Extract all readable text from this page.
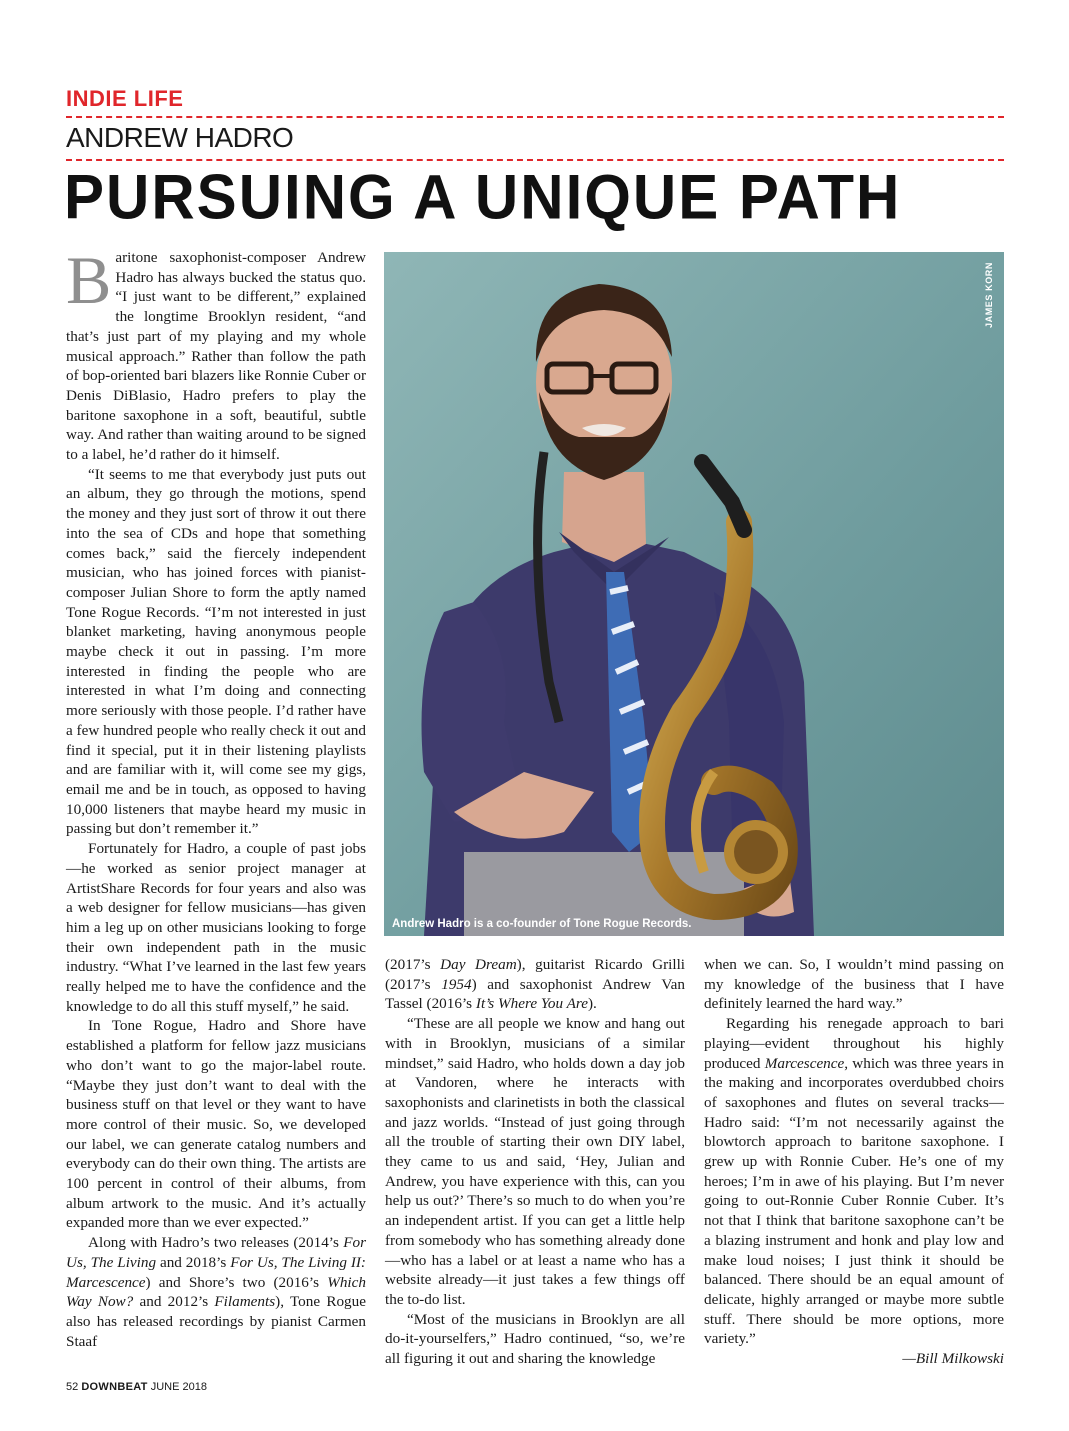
INDIE LIFE
ANDREW HADRO
PURSUING A UNIQUE PATH

Baritone saxophonist-composer Andrew Hadro has always bucked the status quo. “I just want to be different,” explained the longtime Brooklyn resident, “and that’s just part of my playing and my whole musical approach.” Rather than follow the path of bop-oriented bari blazers like Ronnie Cuber or Denis DiBlasio, Hadro prefers to play the baritone saxophone in a soft, beautiful, subtle way. And rather than waiting around to be signed to a label, he’d rather do it himself.

“It seems to me that everybody just puts out an album, they go through the motions, spend the money and they just sort of throw it out there into the sea of CDs and hope that something comes back,” said the fiercely independent musician, who has joined forces with pianist-composer Julian Shore to form the aptly named Tone Rogue Records. “I’m not interested in just blanket marketing, having anonymous people maybe check it out in passing. I’m more interested in finding the people who are interested in what I’m doing and connecting more seriously with those people. I’d rather have a few hundred people who really check it out and find it special, put it in their listening playlists and are familiar with it, will come see my gigs, email me and be in touch, as opposed to having 10,000 listeners that maybe heard my music in passing but don’t remember it.”

Fortunately for Hadro, a couple of past jobs—he worked as senior project manager at ArtistShare Records for four years and also was a web designer for fellow musicians—has given him a leg up on other musicians looking to forge their own independent path in the music industry. “What I’ve learned in the last few years really helped me to have the confidence and the knowledge to do all this stuff myself,” he said.

In Tone Rogue, Hadro and Shore have established a platform for fellow jazz musicians who don’t want to go the major-label route. “Maybe they just don’t want to deal with the business stuff on that level or they want to have more control of their music. So, we developed our label, we can generate catalog numbers and everybody can do their own thing. The artists are 100 percent in control of their albums, from album artwork to the music. And it’s actually expanded more than we ever expected.”

Along with Hadro’s two releases (2014’s For Us, The Living and 2018’s For Us, The Living II: Marcescence) and Shore’s two (2016’s Which Way Now? and 2012’s Filaments), Tone Rogue also has released recordings by pianist Carmen Staaf

JAMES KORN
Andrew Hadro is a co-founder of Tone Rogue Records.

(2017’s Day Dream), guitarist Ricardo Grilli (2017’s 1954) and saxophonist Andrew Van Tassel (2016’s It’s Where You Are).

“These are all people we know and hang out with in Brooklyn, musicians of a similar mindset,” said Hadro, who holds down a day job at Vandoren, where he interacts with saxophonists and clarinetists in both the classical and jazz worlds. “Instead of just going through all the trouble of starting their own DIY label, they came to us and said, ‘Hey, Julian and Andrew, you have experience with this, can you help us out?’ There’s so much to do when you’re an independent artist. If you can get a little help from somebody who has something already done—who has a label or at least a name who has a website already—it just takes a few things off the to-do list.

“Most of the musicians in Brooklyn are all do-it-yourselfers,” Hadro continued, “so, we’re all figuring it out and sharing the knowledge

when we can. So, I wouldn’t mind passing on my knowledge of the business that I have definitely learned the hard way.”

Regarding his renegade approach to bari playing—evident throughout his highly produced Marcescence, which was three years in the making and incorporates overdubbed choirs of saxophones and flutes on several tracks—Hadro said: “I’m not necessarily against the blowtorch approach to baritone saxophone. I grew up with Ronnie Cuber. He’s one of my heroes; I’m in awe of his playing. But I’m never going to out-Ronnie Cuber Ronnie Cuber. It’s not that I think that baritone saxophone can’t be a blazing instrument and honk and play low and make loud noises; I just think it should be balanced. There should be an equal amount of delicate, highly arranged or maybe more subtle stuff. There should be more options, more variety.”

—Bill Milkowski
52 DOWNBEAT JUNE 2018
